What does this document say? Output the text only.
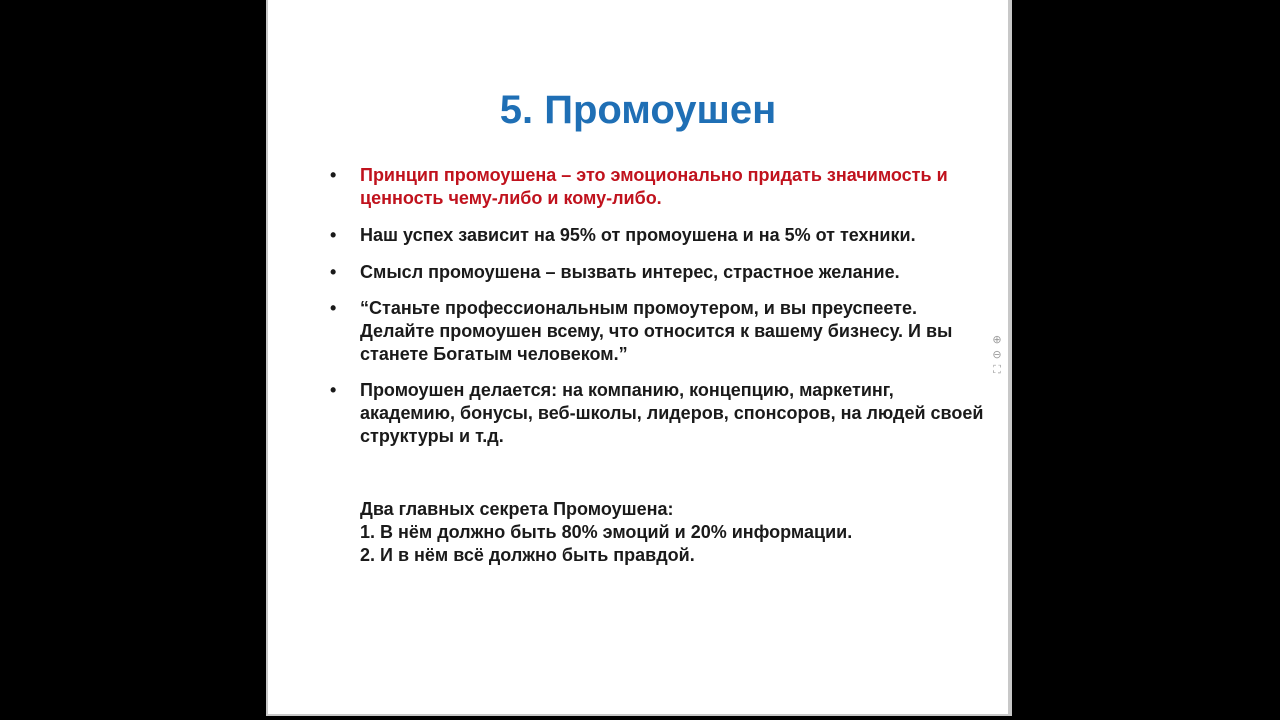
5. Промоушен
• Принцип промоушена – это эмоционально придать значимость и ценность чему-либо и кому-либо.
• Наш успех зависит на 95% от промоушена и на 5% от техники.
• Смысл промоушена – вызвать интерес, страстное желание.
• “Станьте профессиональным промоутером, и вы преуспеете. Делайте промоушен всему, что относится к вашему бизнесу. И вы станете Богатым человеком.”
• Промоушен делается: на компанию, концепцию, маркетинг, академию, бонусы, веб-школы, лидеров, спонсоров, на людей своей структуры и т.д.
Два главных секрета Промоушена:
1. В нём должно быть 80% эмоций и 20% информации.
2. И в нём всё должно быть правдой.
⊕
⊖
⛶
